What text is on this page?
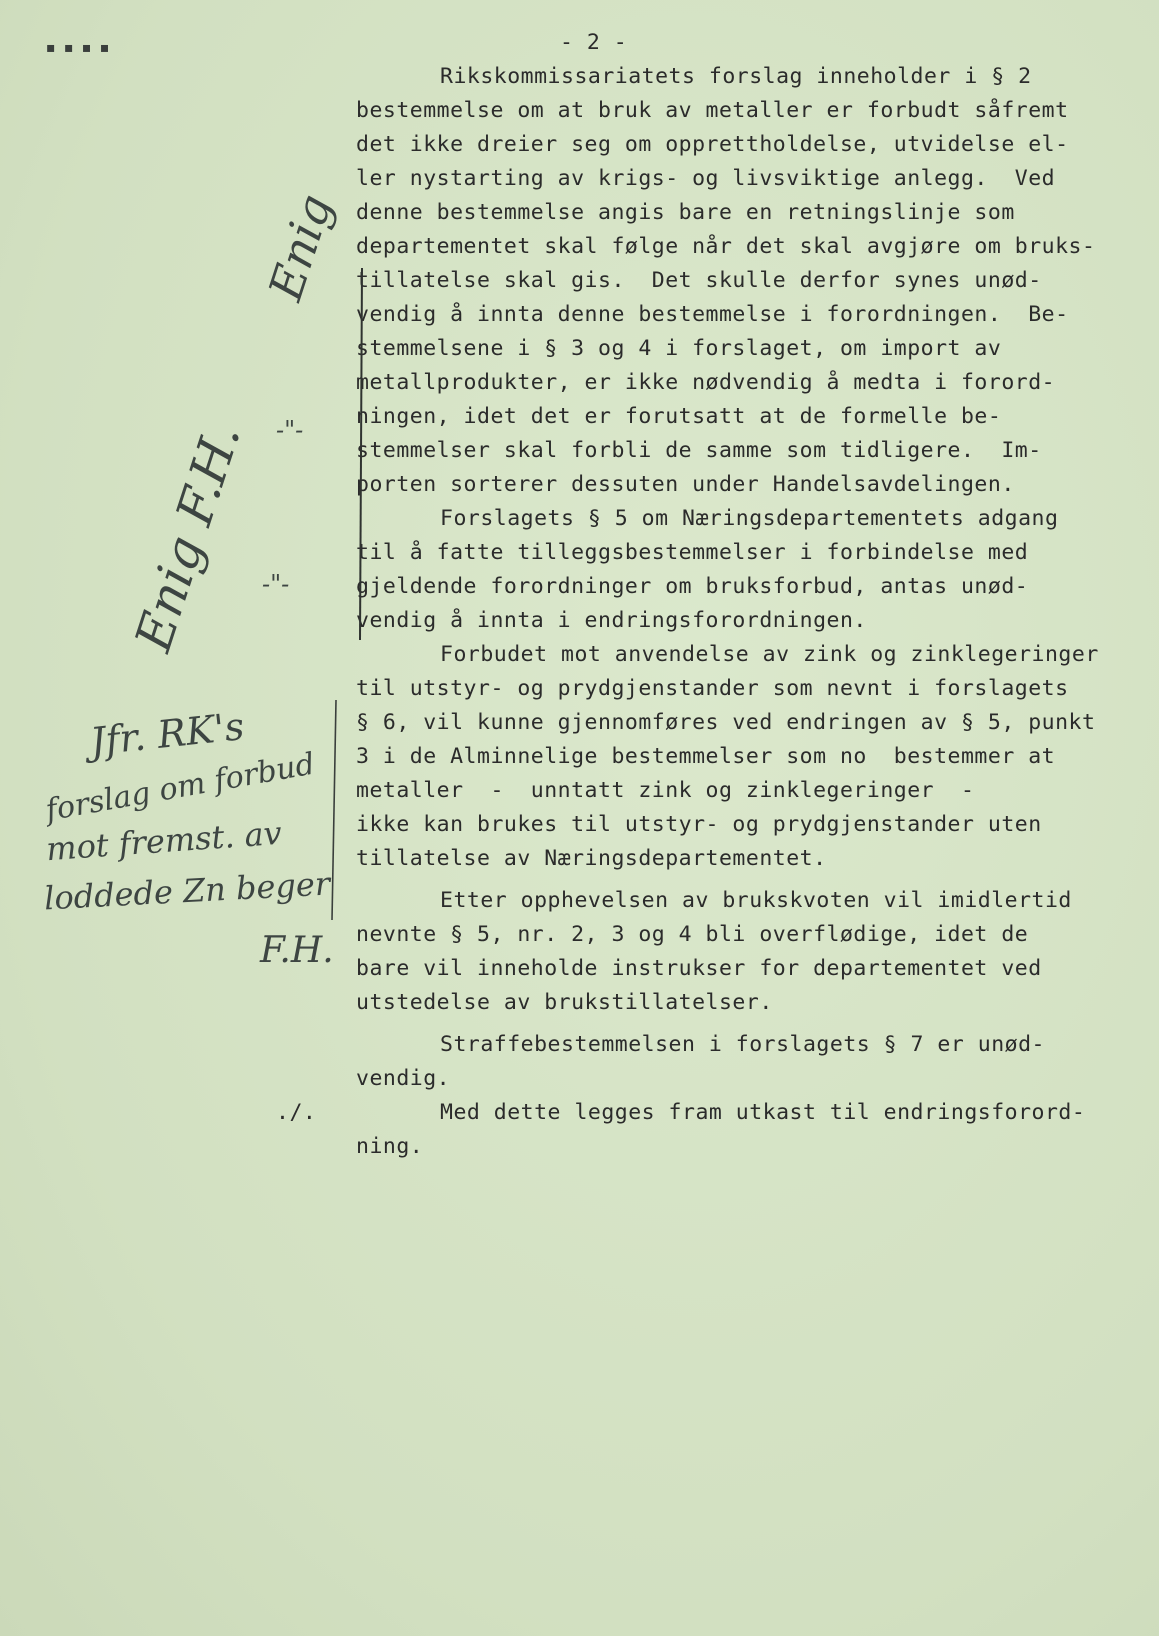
▪ ▪ ▪ ▪

	- 2 -

Rikskommissariatets forslag inneholder i § 2

bestemmelse om at bruk av metaller er forbudt såfremt

det ikke dreier seg om opprettholdelse, utvidelse el-

ler nystarting av krigs- og livsviktige anlegg.  Ved

denne bestemmelse angis bare en retningslinje som

departementet skal følge når det skal avgjøre om bruks-

tillatelse skal gis.  Det skulle derfor synes unød-

vendig å innta denne bestemmelse i forordningen.  Be-

stemmelsene i § 3 og 4 i forslaget, om import av

metallprodukter, er ikke nødvendig å medta i forord-

ningen, idet det er forutsatt at de formelle be-

stemmelser skal forbli de samme som tidligere.  Im-

porten sorterer dessuten under Handelsavdelingen.

Forslagets § 5 om Næringsdepartementets adgang

til å fatte tilleggsbestemmelser i forbindelse med

gjeldende forordninger om bruksforbud, antas unød-

vendig å innta i endringsforordningen.

Forbudet mot anvendelse av zink og zinklegeringer

til utstyr- og prydgjenstander som nevnt i forslagets

§ 6, vil kunne gjennomføres ved endringen av § 5, punkt

3 i de Alminnelige bestemmelser som no  bestemmer at

metaller  -  unntatt zink og zinklegeringer  -

ikke kan brukes til utstyr- og prydgjenstander uten

tillatelse av Næringsdepartementet.

Etter opphevelsen av brukskvoten vil imidlertid

nevnte § 5, nr. 2, 3 og 4 bli overflødige, idet de

bare vil inneholde instrukser for departementet ved

utstedelse av brukstillatelser.

Straffebestemmelsen i forslagets § 7 er unød-

vendig.

Med dette legges fram utkast til endringsforord-

ning.

./.

Enig
Enig F.H. -"-
-"-
Jfr. RK's
forslag om forbud
mot fremst. av
loddede Zn beger
F.H.
